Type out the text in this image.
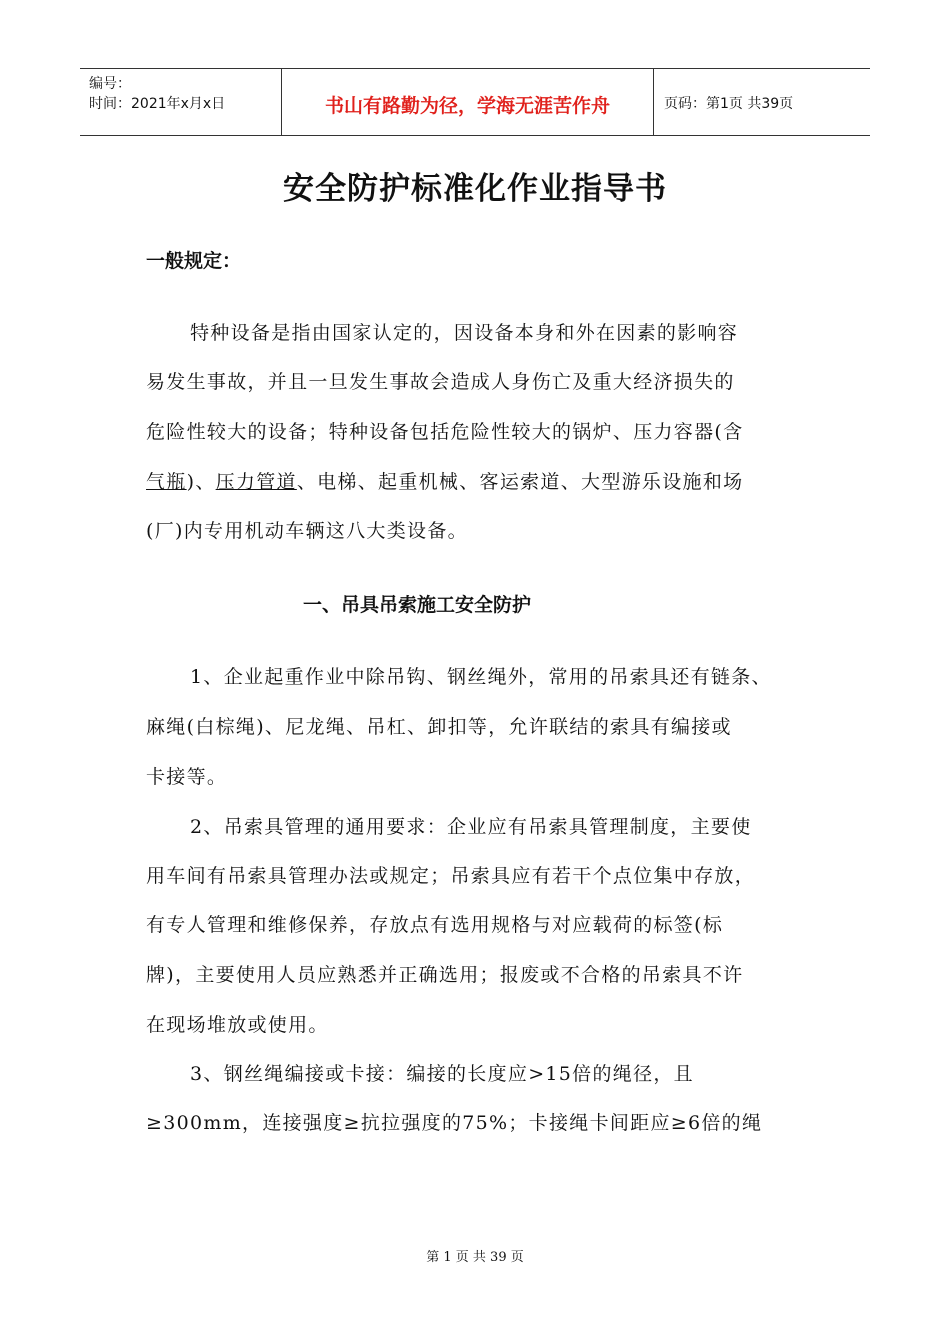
编号：
时间：2021年x月x日	书山有路勤为径，学海无涯苦作舟	页码：第1页 共39页
安全防护标准化作业指导书
一般规定：
特种设备是指由国家认定的，因设备本身和外在因素的影响容
易发生事故，并且一旦发生事故会造成人身伤亡及重大经济损失的
危险性较大的设备；特种设备包括危险性较大的锅炉、压力容器(含
气瓶)、压力管道、电梯、起重机械、客运索道、大型游乐设施和场
(厂)内专用机动车辆这八大类设备。
一、吊具吊索施工安全防护
1、企业起重作业中除吊钩、钢丝绳外，常用的吊索具还有链条、
麻绳(白棕绳)、尼龙绳、吊杠、卸扣等，允许联结的索具有编接或
卡接等。
2、吊索具管理的通用要求：企业应有吊索具管理制度，主要使
用车间有吊索具管理办法或规定；吊索具应有若干个点位集中存放，
有专人管理和维修保养，存放点有选用规格与对应载荷的标签(标
牌)，主要使用人员应熟悉并正确选用；报废或不合格的吊索具不许
在现场堆放或使用。
3、钢丝绳编接或卡接：编接的长度应>15倍的绳径，且
≥300mm，连接强度≥抗拉强度的75%；卡接绳卡间距应≥6倍的绳
第 1 页 共 39 页
